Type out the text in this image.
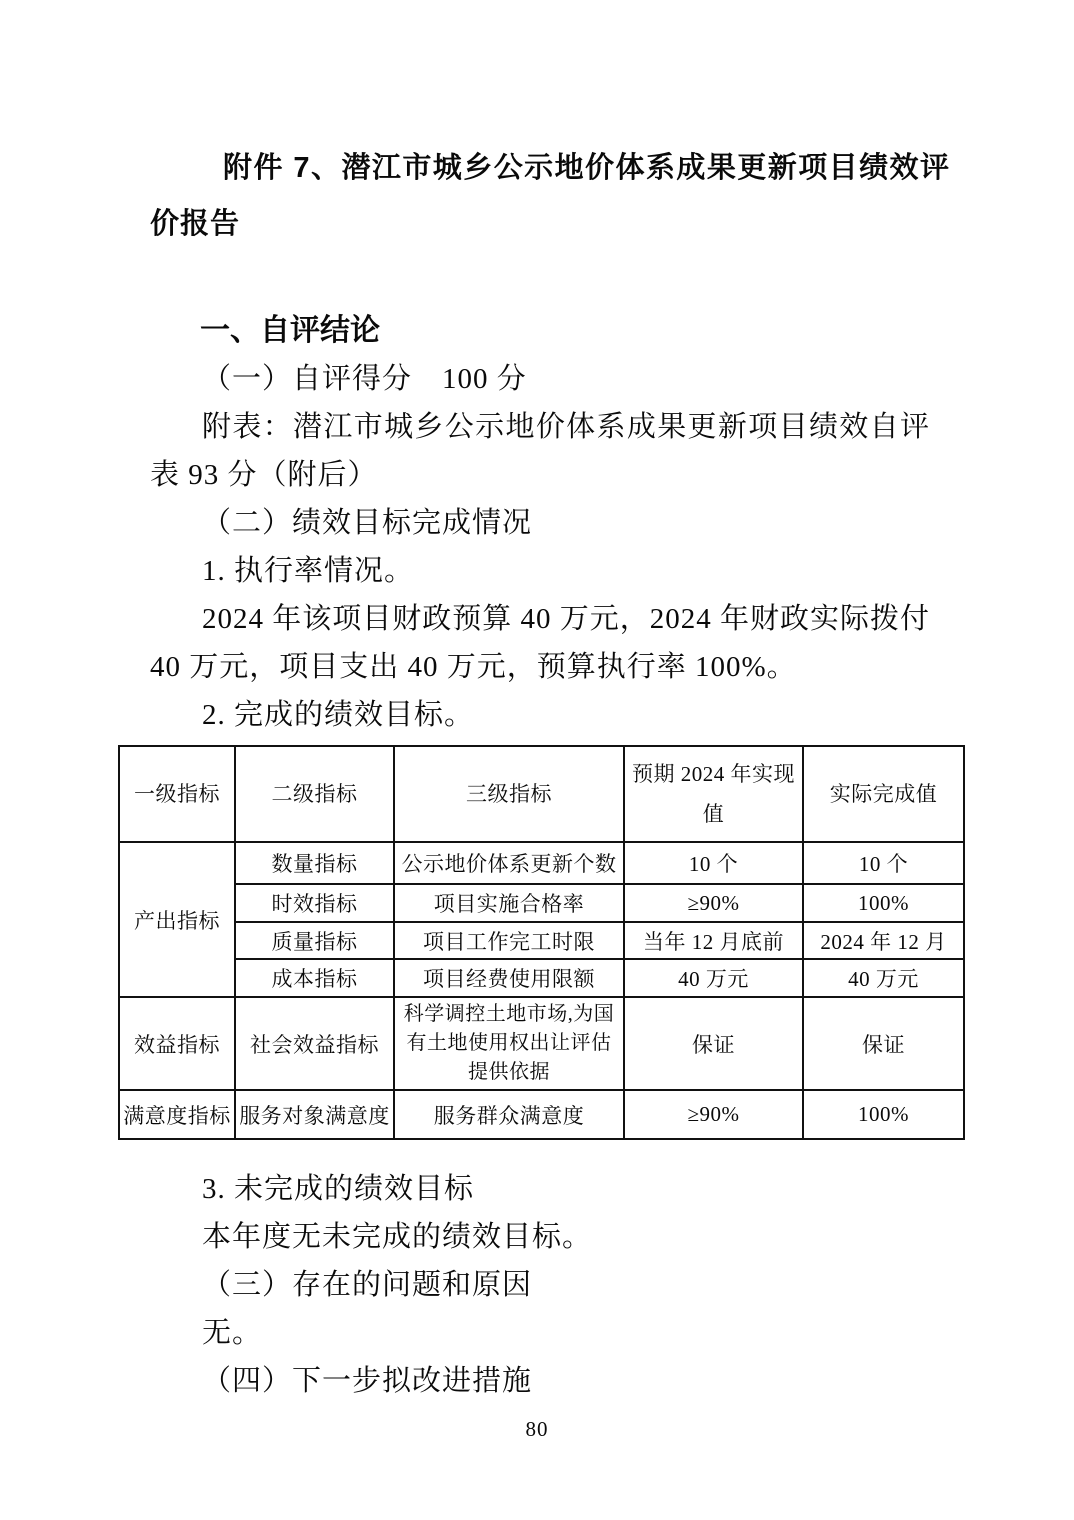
附件 7、潜江市城乡公示地价体系成果更新项目绩效评价报告

一、自评结论

（一）自评得分　100 分

附表：潜江市城乡公示地价体系成果更新项目绩效自评表 93 分（附后）

（二）绩效目标完成情况

1. 执行率情况。

2024 年该项目财政预算 40 万元，2024 年财政实际拨付 40 万元，项目支出 40 万元，预算执行率 100%。

2. 完成的绩效目标。

一级指标	二级指标	三级指标	预期 2024 年实现值	实际完成值
产出指标	数量指标	公示地价体系更新个数	10 个	10 个
	时效指标	项目实施合格率	≥90%	100%
	质量指标	项目工作完工时限	当年 12 月底前	2024 年 12 月
	成本指标	项目经费使用限额	40 万元	40 万元
效益指标	社会效益指标	科学调控土地市场,为国有土地使用权出让评估提供依据	保证	保证
满意度指标	服务对象满意度	服务群众满意度	≥90%	100%

3. 未完成的绩效目标

本年度无未完成的绩效目标。

（三）存在的问题和原因

无。

（四）下一步拟改进措施

80
